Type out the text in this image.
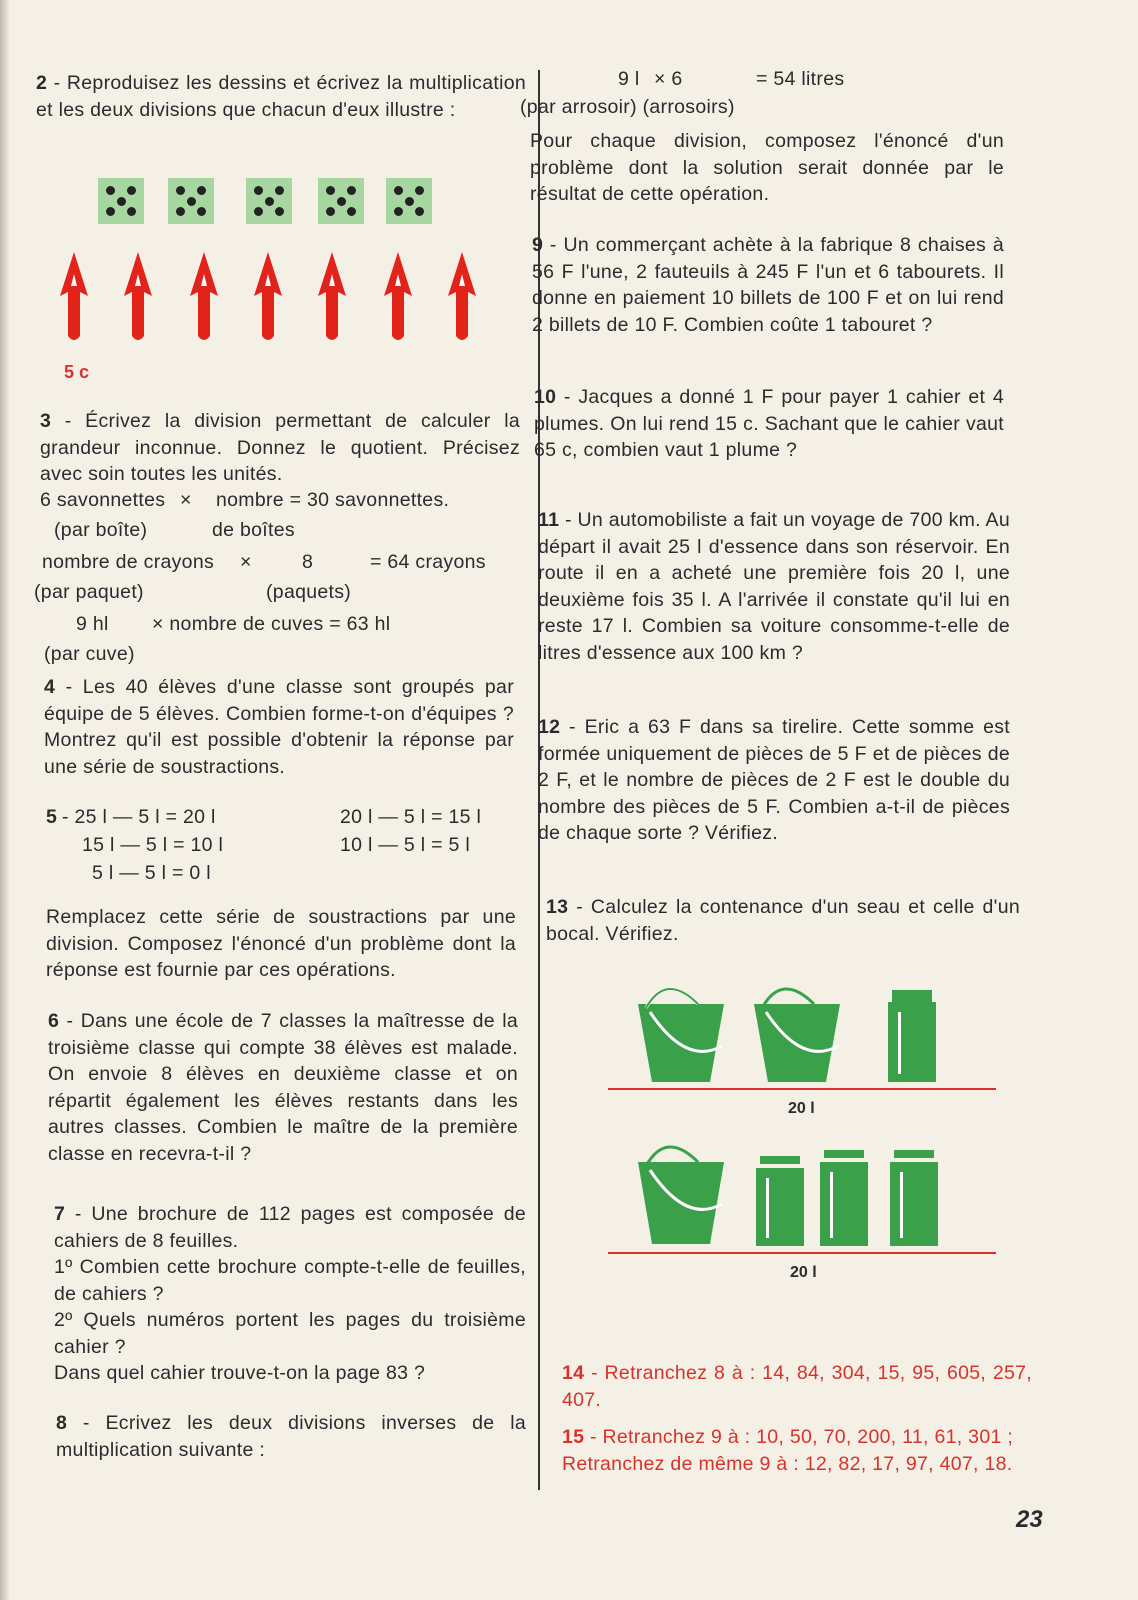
2 - Reproduisez les dessins et écrivez la multiplication et les deux divisions que chacun d'eux illustre :

5 c

3 - Écrivez la division permettant de calculer la grandeur inconnue. Donnez le quotient. Précisez avec soin toutes les unités.

6 savonnettes × nombre = 30 savonnettes.
(par boîte)	de boîtes
nombre de crayons ×	8	= 64 crayons
(par paquet)	(paquets)
9 hl × nombre de cuves = 63 hl
(par cuve)

4 - Les 40 élèves d'une classe sont groupés par équipe de 5 élèves. Combien forme-t-on d'équipes ? Montrez qu'il est possible d'obtenir la réponse par une série de soustractions.

5 - 25 l — 5 l = 20 l	20 l — 5 l = 15 l
15 l — 5 l = 10 l	10 l — 5 l = 5 l
5 l — 5 l = 0 l

Remplacez cette série de soustractions par une division. Composez l'énoncé d'un problème dont la réponse est fournie par ces opérations.

6 - Dans une école de 7 classes la maîtresse de la troisième classe qui compte 38 élèves est malade. On envoie 8 élèves en deuxième classe et on répartit également les élèves restants dans les autres classes. Combien le maître de la première classe en recevra-t-il ?

7 - Une brochure de 112 pages est composée de cahiers de 8 feuilles.

1º Combien cette brochure compte-t-elle de feuilles, de cahiers ?

2º Quels numéros portent les pages du troisième cahier ?

Dans quel cahier trouve-t-on la page 83 ?

8 - Ecrivez les deux divisions inverses de la multiplication suivante :

9 l × 6	= 54 litres
(par arrosoir) (arrosoirs)

Pour chaque division, composez l'énoncé d'un problème dont la solution serait donnée par le résultat de cette opération.

9 - Un commerçant achète à la fabrique 8 chaises à 56 F l'une, 2 fauteuils à 245 F l'un et 6 tabourets. Il donne en paiement 10 billets de 100 F et on lui rend 2 billets de 10 F. Combien coûte 1 tabouret ?

10 - Jacques a donné 1 F pour payer 1 cahier et 4 plumes. On lui rend 15 c. Sachant que le cahier vaut 65 c, combien vaut 1 plume ?

11 - Un automobiliste a fait un voyage de 700 km. Au départ il avait 25 l d'essence dans son réservoir. En route il en a acheté une première fois 20 l, une deuxième fois 35 l. A l'arrivée il constate qu'il lui en reste 17 l. Combien sa voiture consomme-t-elle de litres d'essence aux 100 km ?

12 - Eric a 63 F dans sa tirelire. Cette somme est formée uniquement de pièces de 5 F et de pièces de 2 F, et le nombre de pièces de 2 F est le double du nombre des pièces de 5 F. Combien a-t-il de pièces de chaque sorte ? Vérifiez.

13 - Calculez la contenance d'un seau et celle d'un bocal. Vérifiez.

20 l
20 l

14 - Retranchez 8 à : 14, 84, 304, 15, 95, 605, 257, 407.

15 - Retranchez 9 à : 10, 50, 70, 200, 11, 61, 301 ;

Retranchez de même 9 à : 12, 82, 17, 97, 407, 18.

23
